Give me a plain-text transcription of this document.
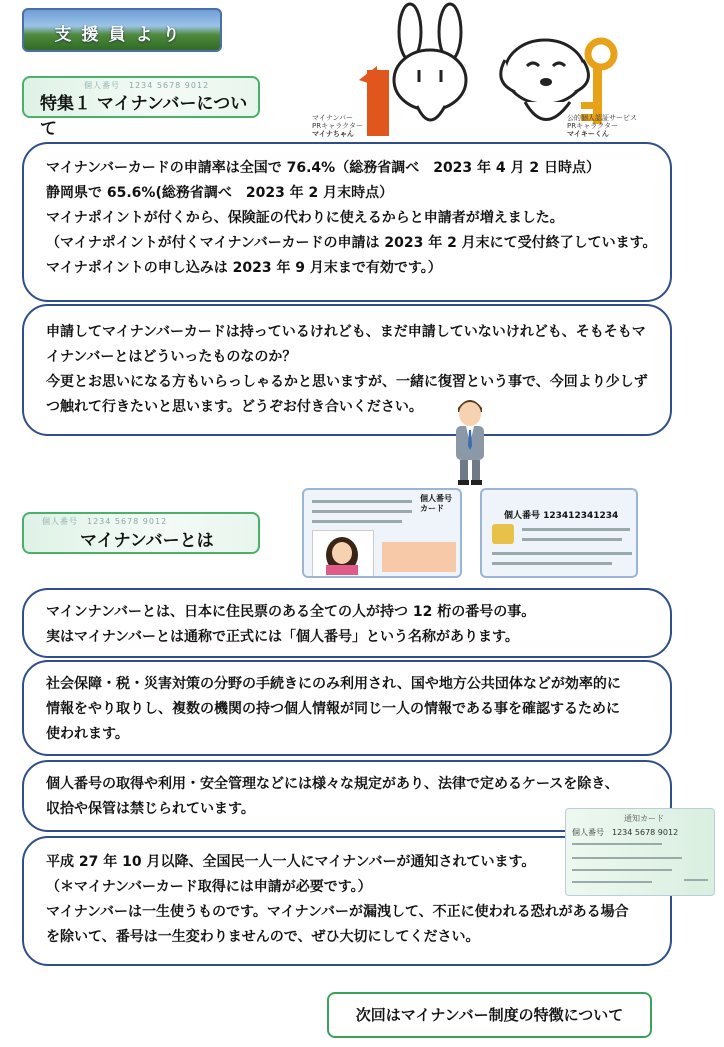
支援員より
個人番号　1234 5678 9012
特集１ マイナンバーについて
マイナンバー
PRキャラクター
マイナちゃん
公的個人認証サービス
PRキャラクター
マイキーくん
マイナンバーカードの申請率は全国で 76.4%（総務省調べ　2023 年 4 月 2 日時点）
静岡県で 65.6%(総務省調べ　2023 年 2 月末時点）
マイナポイントが付くから、保険証の代わりに使えるからと申請者が増えました。
（マイナポイントが付くマイナンバーカードの申請は 2023 年 2 月末にて受付終了しています。
マイナポイントの申し込みは 2023 年 9 月末まで有効です。）
申請してマイナンバーカードは持っているけれども、まだ申請していないけれども、そもそもマ
イナンバーとはどういったものなのか？
今更とお思いになる方もいらっしゃるかと思いますが、一緒に復習という事で、今回より少しず
つ触れて行きたいと思います。どうぞお付き合いください。
個人番号　1234 5678 9012
マイナンバーとは
個人番号カード
個人番号 123412341234
マインナンバーとは、日本に住民票のある全ての人が持つ 12 桁の番号の事。
実はマイナンバーとは通称で正式には「個人番号」という名称があります。
社会保障・税・災害対策の分野の手続きにのみ利用され、国や地方公共団体などが効率的に
情報をやり取りし、複数の機関の持つ個人情報が同じ一人の情報である事を確認するために
使われます。
個人番号の取得や利用・安全管理などには様々な規定があり、法律で定めるケースを除き、
収拾や保管は禁じられています。
平成 27 年 10 月以降、全国民一人一人にマイナンバーが通知されています。
（＊マイナンバーカード取得には申請が必要です。）
マイナンバーは一生使うものです。マイナンバーが漏洩して、不正に使われる恐れがある場合
を除いて、番号は一生変わりませんので、ぜひ大切にしてください。
通知カード
個人番号　1234 5678 9012
次回はマイナンバー制度の特徴について
